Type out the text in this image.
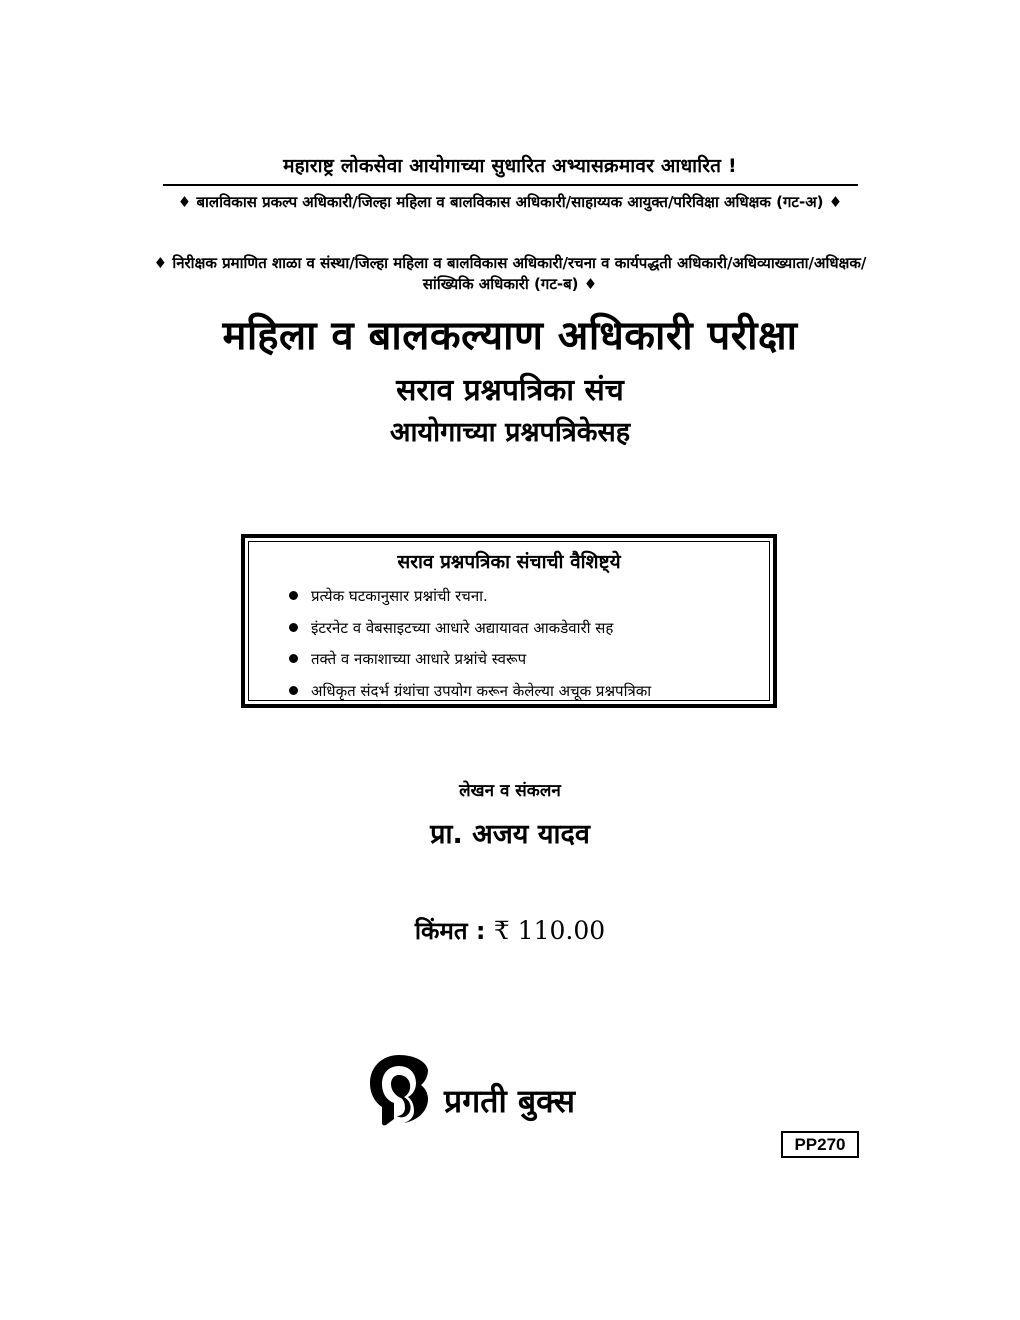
महाराष्ट्र लोकसेवा आयोगाच्या सुधारित अभ्यासक्रमावर आधारित !
♦ बालविकास प्रकल्प अधिकारी/जिल्हा महिला व बालविकास अधिकारी/साहाय्यक आयुक्त/परिविक्षा अधिक्षक (गट-अ) ♦
♦ निरीक्षक प्रमाणित शाळा व संस्था/जिल्हा महिला व बालविकास अधिकारी/रचना व कार्यपद्धती अधिकारी/अधिव्याख्याता/अधिक्षक/सांख्यिकि अधिकारी (गट-ब) ♦
महिला व बालकल्याण अधिकारी परीक्षा
सराव प्रश्नपत्रिका संच
आयोगाच्या प्रश्नपत्रिकेसह
सराव प्रश्नपत्रिका संचाची वैशिष्ट्ये
प्रत्येक घटकानुसार प्रश्नांची रचना.
इंटरनेट व वेबसाइटच्या आधारे अद्यायावत आकडेवारी सह
तक्ते व नकाशाच्या आधारे प्रश्नांचे स्वरूप
अधिकृत संदर्भ ग्रंथांचा उपयोग करून केलेल्या अचूक प्रश्नपत्रिका
लेखन व संकलन
प्रा. अजय यादव
किंमत : ₹ 110.00
प्रगती बुक्स
PP270
